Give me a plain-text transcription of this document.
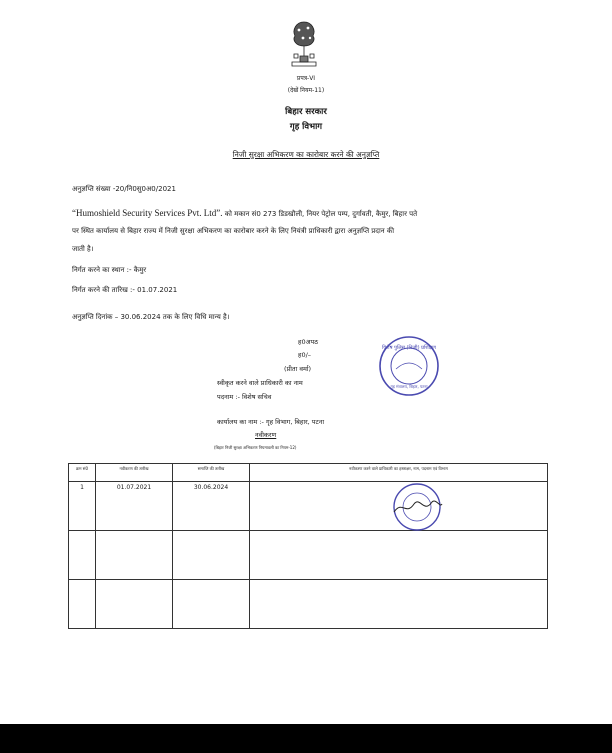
प्रपत्र-VI
(देखें नियम-11)
बिहार सरकार
गृह विभाग
निजी सुरक्षा अभिकरण का कारोबार करने की अनुज्ञप्ति
अनुज्ञप्ति संख्या -20/नि0सु0अ0/2021
“Humoshield Security Services Pvt. Ltd”. को मकान सं0 273 डिडखौली, नियर पेट्रोल पम्प, दुर्गावती, कैमुर, बिहार पते
पर स्थित कार्यालय से बिहार राज्य में निजी सुरक्षा अभिकरण का कारोबार करने के लिए नियंत्री प्राधिकारी द्वारा अनुज्ञप्ति प्रदान की
जाती है।
निर्गत करने का स्थान :- कैमुर
निर्गत करने की तारिख :- 01.07.2021
अनुज्ञप्ति दिनांक – 30.06.2024 तक के लिए विधि मान्य है।
ह0अपठ
ह0/–
(प्रीता वर्मा)
स्वीकृत करने वाले प्राधिकारी का नाम
पदनाम :- विशेष सचिव
कार्यालय का नाम :- गृह विभाग, बिहार, पटना
नवीकरण
(बिहार निजी सुरक्षा अभिकरण नियमावली का नियम-12)
विशेष पुलिस (निजी) प्रशिक्षण
गृह मंत्रालय, बिहार, पटना
क्रम सं0	नवीकरण की तारीख	समाप्ति की तारीख	नवीकरण करने वाले प्राधिकारी का हस्ताक्षर, नाम, पदनाम एवं विभाग
1	01.07.2021	30.06.2024	
